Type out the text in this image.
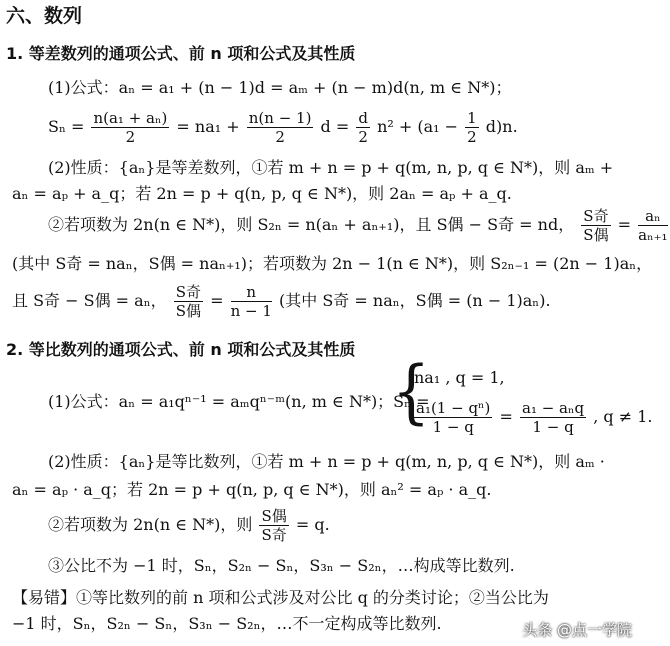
六、数列
1. 等差数列的通项公式、前 n 项和公式及其性质
(1)公式：aₙ = a₁ + (n − 1)d = aₘ + (n − m)d(n, m ∈ N*)；
$S_n = \frac{\text{n(a₁ + aₙ)}}{2} = na_1 + \frac{n(n - 1)}{2}$ $d = \frac{d}{2} n^2 + (a_1 - \frac{1}{2} d)n$.
(2)性质：{aₙ}是等差数列，①若 m + n = p + q(m, n, p, q ∈ N*)，则 aₘ +
aₙ = aₚ + a_q；若 2n = p + q(n, p, q ∈ N*)，则 2aₙ = aₚ + a_q.
②若项数为 2n(n ∈ N*)，则 S₂ₙ = n(aₙ + aₙ₊₁)，且 S偶 − S奇 = nd， $\frac{\text{S奇}}{\text{S偶}} = \frac{\text{aₙ}}{\text{aₙ₊₁}}$
(其中 S奇 = naₙ，S偶 = naₙ₊₁)；若项数为 2n − 1(n ∈ N*)，则 S₂ₙ₋₁ = (2n − 1)aₙ，
且 S奇 − S偶 = aₙ， $\frac{\text{S奇}}{\text{S偶}} = \frac{n}{n - 1}$ (其中 S奇 = naₙ，S偶 = (n − 1)aₙ).
2. 等比数列的通项公式、前 n 项和公式及其性质
(1)公式：aₙ = a₁qⁿ⁻¹ = aₘqⁿ⁻ᵐ(n, m ∈ N*)；Sₙ =
{
na₁ , q = 1,
$\frac{\text{a₁(1 − qⁿ)}}{1 - q} = \frac{\text{a₁ − aₙq}}{1 - q}$ , q ≠ 1.
(2)性质：{aₙ}是等比数列，①若 m + n = p + q(m, n, p, q ∈ N*)，则 aₘ ·
aₙ = aₚ · a_q；若 2n = p + q(n, p, q ∈ N*)，则 aₙ² = aₚ · a_q.
②若项数为 2n(n ∈ N*)，则 $\frac{\text{S偶}}{\text{S奇}} = q$.
③公比不为 −1 时，Sₙ，S₂ₙ − Sₙ，S₃ₙ − S₂ₙ，…构成等比数列.
【易错】①等比数列的前 n 项和公式涉及对公比 q 的分类讨论；②当公比为
−1 时，Sₙ，S₂ₙ − Sₙ，S₃ₙ − S₂ₙ，…不一定构成等比数列.	头条 @点一学院
